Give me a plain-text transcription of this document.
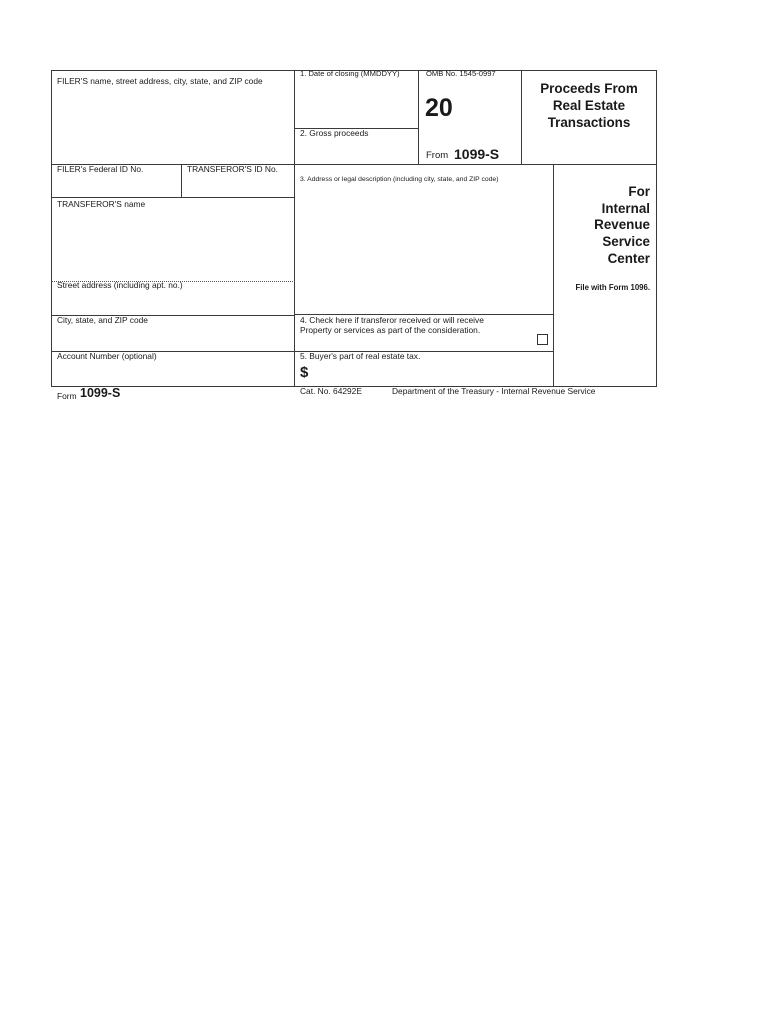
FILER'S name, street address, city, state, and ZIP code
1. Date of closing (MMDDYY)
2. Gross proceeds
OMB No. 1545-0997
20
From 1099-S
Proceeds From
Real Estate
Transactions
FILER's Federal ID No.	TRANSFEROR'S ID No.
3. Address or legal description (including city, state, and ZIP code)
For
Internal
Revenue
Service
Center
File with Form 1096.
TRANSFEROR'S name
Street address (including apt. no.)
City, state, and ZIP code
Account Number (optional)
4. Check here if transferor received or will receive
Property or services as part of the consideration.
5. Buyer's part of real estate tax.
$
Form 1099-S	Cat. No. 64292E	Department of the Treasury - Internal Revenue Service
